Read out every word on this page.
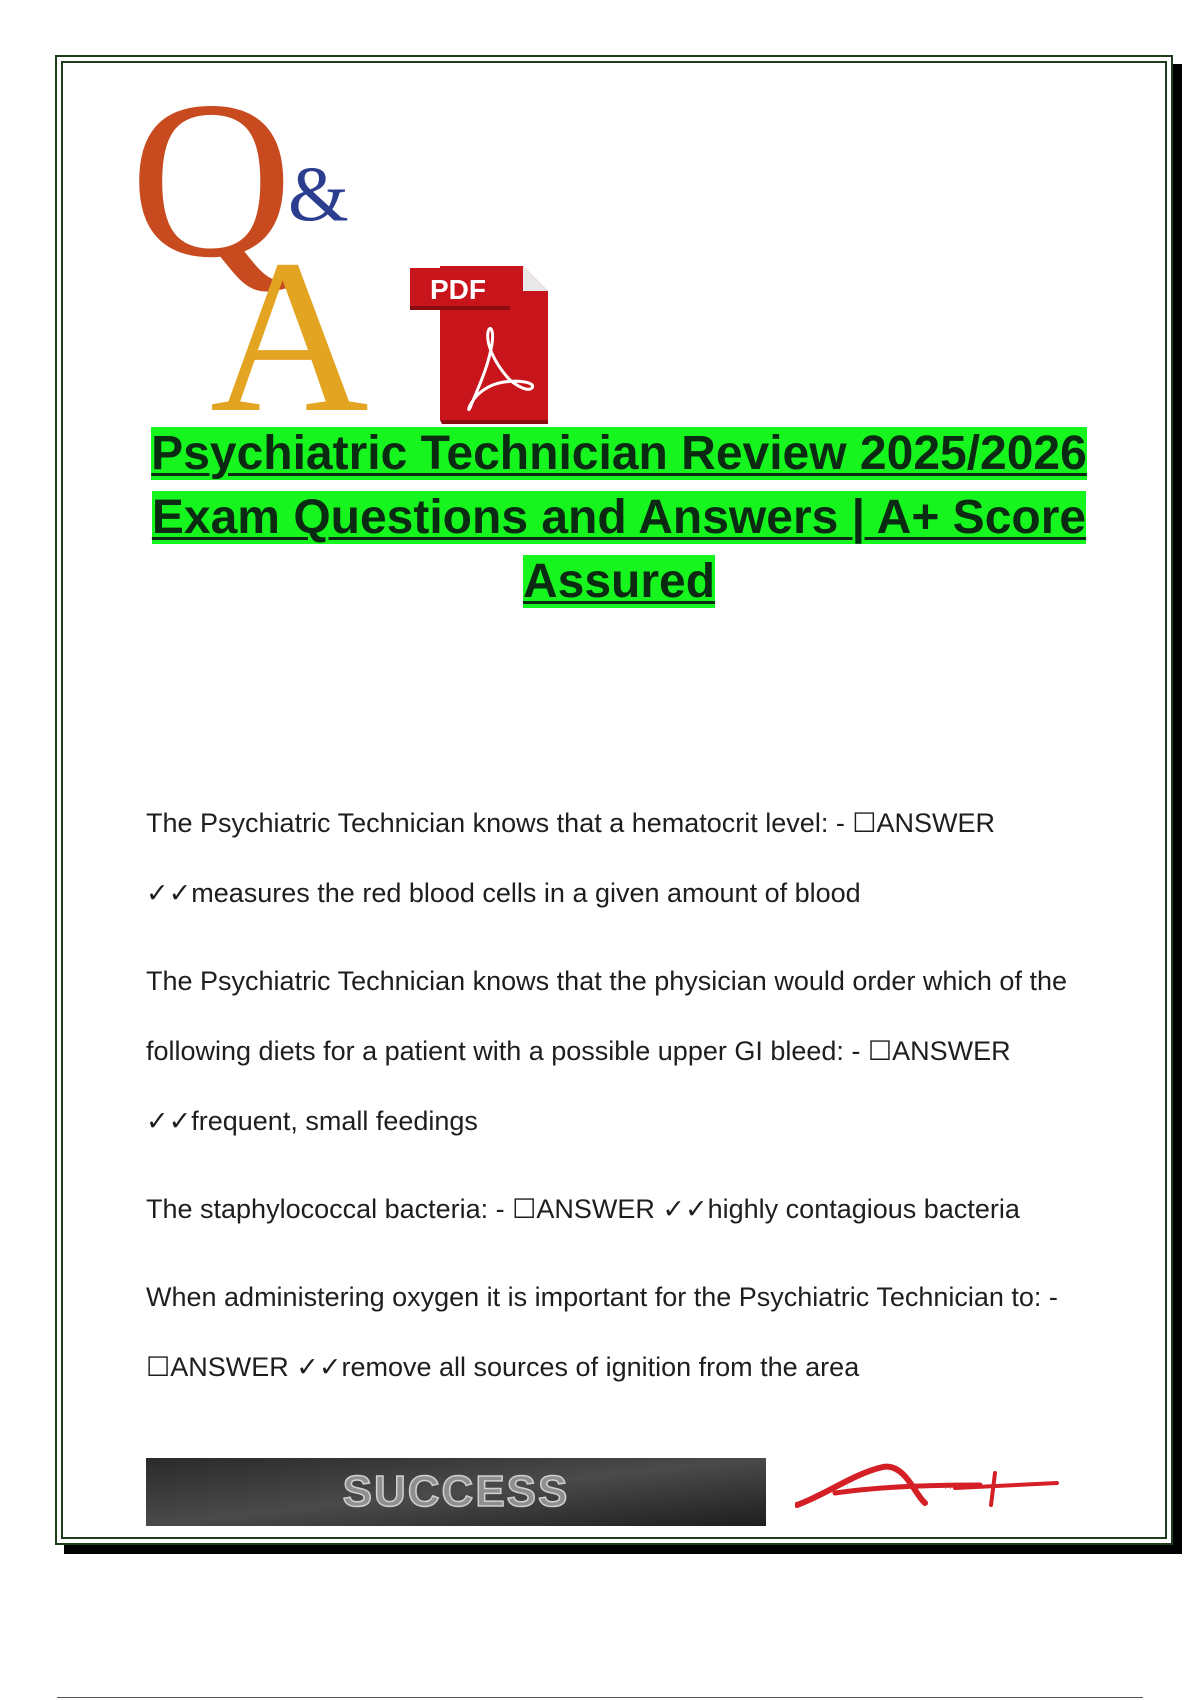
Q
&
A PDF
Psychiatric Technician Review 2025/2026 Exam Questions and Answers | A+ Score Assured

The Psychiatric Technician knows that a hematocrit level: - ☐ANSWER ✓✓measures the red blood cells in a given amount of blood

The Psychiatric Technician knows that the physician would order which of the following diets for a patient with a possible upper GI bleed: - ☐ANSWER ✓✓frequent, small feedings

The staphylococcal bacteria: - ☐ANSWER ✓✓highly contagious bacteria

When administering oxygen it is important for the Psychiatric Technician to: - ☐ANSWER ✓✓remove all sources of ignition from the area

SUCCESS	A+
